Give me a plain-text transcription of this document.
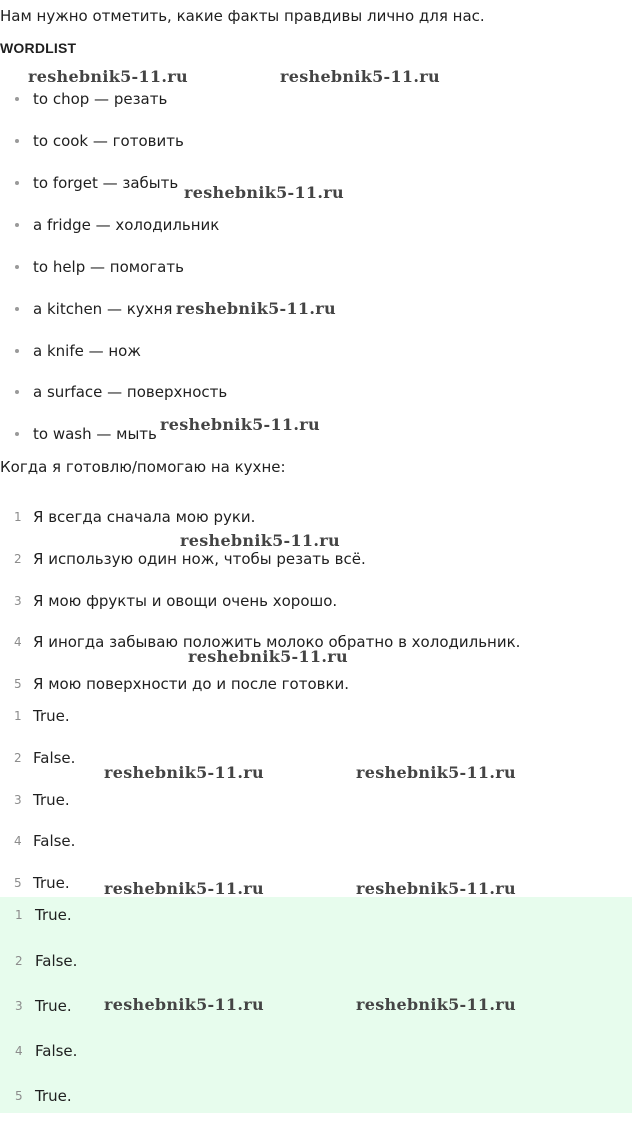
Нам нужно отметить, какие факты правдивы лично для нас.
WORDLIST
to chop — резать
to cook — готовить
to forget — забыть
a fridge — холодильник
to help — помогать
a kitchen — кухня
a knife — нож
a surface — поверхность
to wash — мыть
Когда я готовлю/помогаю на кухне:
1 Я всегда сначала мою руки.
2 Я использую один нож, чтобы резать всё.
3 Я мою фрукты и овощи очень хорошо.
4 Я иногда забываю положить молоко обратно в холодильник.
5 Я мою поверхности до и после готовки.
1 True.
2 False.
3 True.
4 False.
5 True.
1 True.
2 False.
3 True.
4 False.
5 True.
reshebnik5-11.ru	reshebnik5-11.ru
reshebnik5-11.ru
reshebnik5-11.ru
reshebnik5-11.ru
reshebnik5-11.ru
reshebnik5-11.ru
reshebnik5-11.ru	reshebnik5-11.ru
reshebnik5-11.ru	reshebnik5-11.ru
reshebnik5-11.ru	reshebnik5-11.ru
